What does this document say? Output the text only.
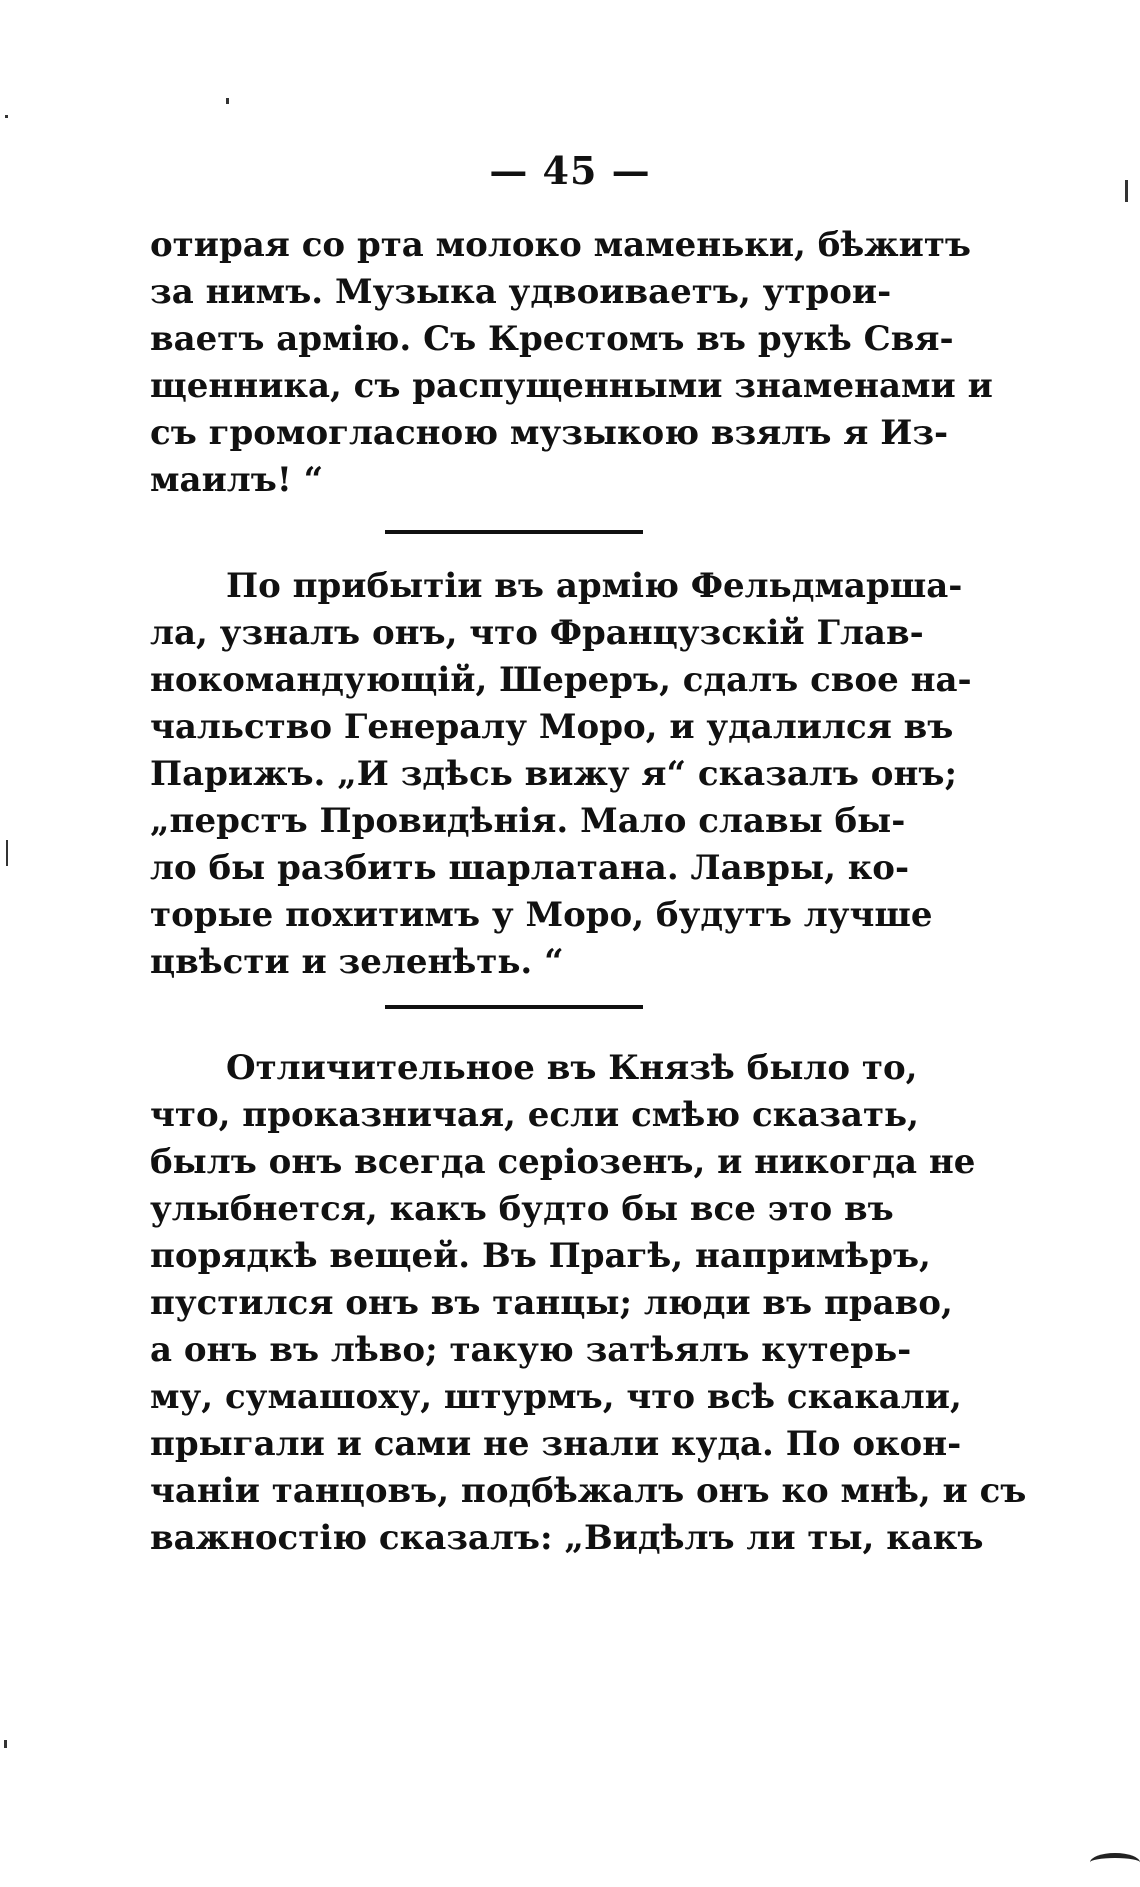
— 45 —
отирая со рта молоко маменьки, бѣжитъ
за нимъ. Музыка удвоиваетъ, утрои-
ваетъ армію. Съ Крестомъ въ рукѣ Свя-
щенника, съ распущенными знаменами и
съ громогласною музыкою взялъ я Из-
маилъ! “
По прибытіи въ армію Фельдмарша-
ла, узналъ онъ, что Французскій Глав-
нокомандующій, Шереръ, сдалъ свое на-
чальство Генералу Моро, и удалился въ
Парижъ. „И здѣсь вижу я“ сказалъ онъ;
„перстъ Провидѣнія. Мало славы бы-
ло бы разбить шарлатана. Лавры, ко-
торые похитимъ у Моро, будутъ лучше
цвѣсти и зеленѣть. “
Отличительное въ Князѣ было то,
что, проказничая, если смѣю сказать,
былъ онъ всегда серіозенъ, и никогда не
улыбнется, какъ будто бы все это въ
порядкѣ вещей. Въ Прагѣ, напримѣръ,
пустился онъ въ танцы; люди въ право,
а онъ въ лѣво; такую затѣялъ кутерь-
му, сумашоху, штурмъ, что всѣ скакали,
прыгали и сами не знали куда. По окон-
чаніи танцовъ, подбѣжалъ онъ ко мнѣ, и съ
важностію сказалъ: „Видѣлъ ли ты, какъ
